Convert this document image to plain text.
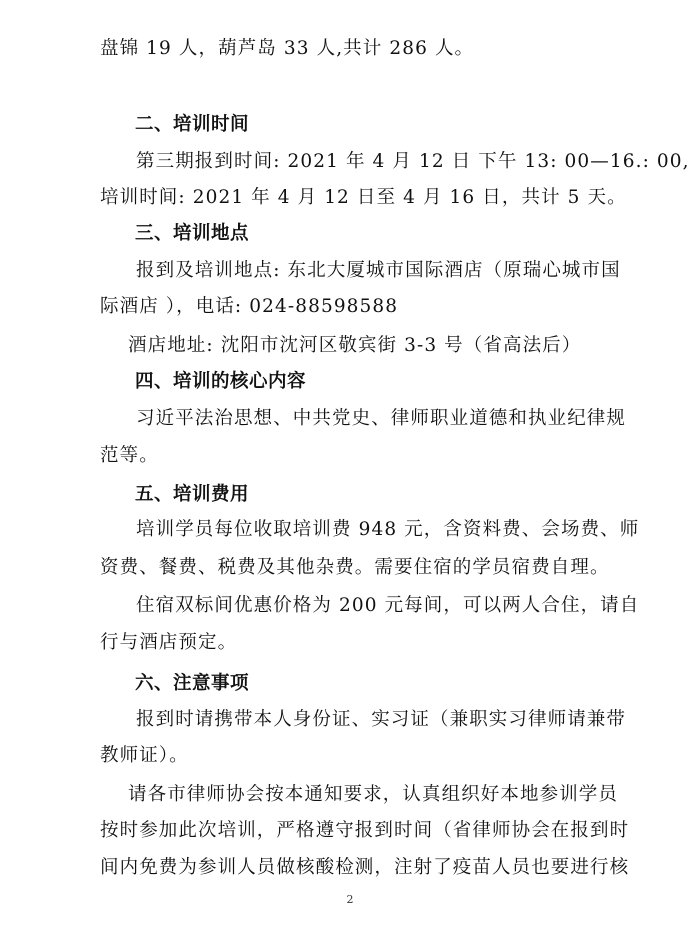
盘锦 19 人，葫芦岛 33 人,共计 286 人。
二、培训时间
第三期报到时间: 2021 年 4 月 12 日 下午 13: 00—16.: 00,
培训时间: 2021 年 4 月 12 日至 4 月 16 日，共计 5 天。
三、培训地点
报到及培训地点: 东北大厦城市国际酒店（原瑞心城市国
际酒店 ），电话: 024-88598588
酒店地址: 沈阳市沈河区敬宾街 3-3 号（省高法后）
四、培训的核心内容
习近平法治思想、中共党史、律师职业道德和执业纪律规
范等。
五、培训费用
培训学员每位收取培训费 948 元，含资料费、会场费、师
资费、餐费、税费及其他杂费。需要住宿的学员宿费自理。
住宿双标间优惠价格为 200 元每间，可以两人合住，请自
行与酒店预定。
六、注意事项
报到时请携带本人身份证、实习证（兼职实习律师请兼带
教师证）。
请各市律师协会按本通知要求，认真组织好本地参训学员
按时参加此次培训，严格遵守报到时间（省律师协会在报到时
间内免费为参训人员做核酸检测，注射了疫苗人员也要进行核
2
